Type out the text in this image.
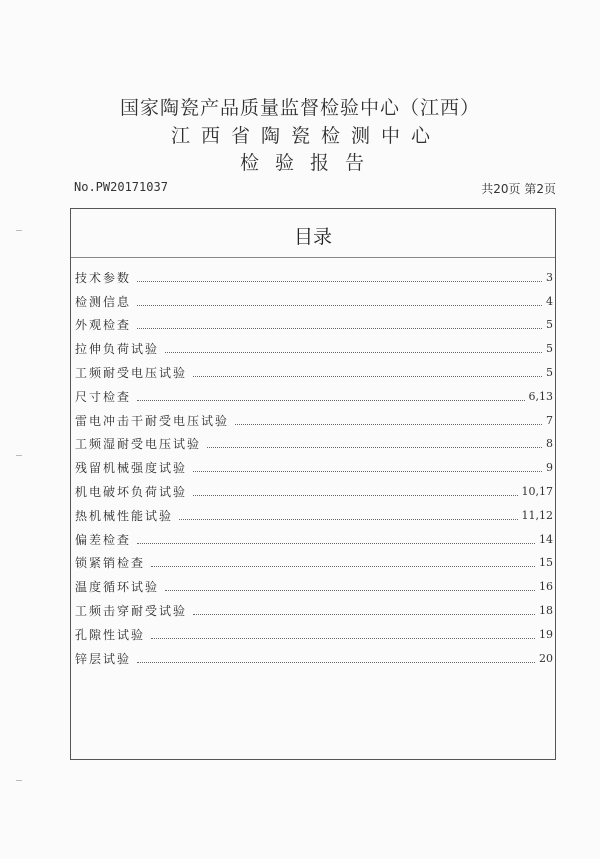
国家陶瓷产品质量监督检验中心（江西）
江西省陶瓷检测中心
检验报告
No.PW20171037	共20页 第2页
目录
技术参数	3
检测信息	4
外观检查	5
拉伸负荷试验	5
工频耐受电压试验	5
尺寸检查	6,13
雷电冲击干耐受电压试验	7
工频湿耐受电压试验	8
残留机械强度试验	9
机电破坏负荷试验	10,17
热机械性能试验	11,12
偏差检查	14
锁紧销检查	15
温度循环试验	16
工频击穿耐受试验	18
孔隙性试验	19
锌层试验	20
